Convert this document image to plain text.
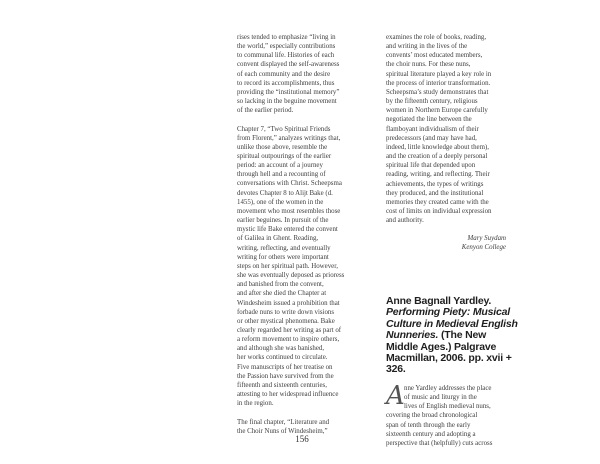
rises tended to emphasize “living in
the world,” especially contributions
to communal life. Histories of each
convent displayed the self-awareness
of each community and the desire
to record its accomplishments, thus
providing the “institutional memory”
so lacking in the beguine movement
of the earlier period.
Chapter 7, “Two Spiritual Friends
from Florent,” analyzes writings that,
unlike those above, resemble the
spiritual outpourings of the earlier
period: an account of a journey
through hell and a recounting of
conversations with Christ. Scheepsma
devotes Chapter 8 to Alijt Bake (d.
1455), one of the women in the
movement who most resembles those
earlier beguines. In pursuit of the
mystic life Bake entered the convent
of Galilea in Ghent. Reading,
writing, reflecting, and eventually
writing for others were important
steps on her spiritual path. However,
she was eventually deposed as prioress
and banished from the convent,
and after she died the Chapter at
Windesheim issued a prohibition that
forbade nuns to write down visions
or other mystical phenomena. Bake
clearly regarded her writing as part of
a reform movement to inspire others,
and although she was banished,
her works continued to circulate.
Five manuscripts of her treatise on
the Passion have survived from the
fifteenth and sixteenth centuries,
attesting to her widespread influence
in the region.
The final chapter, “Literature and
the Choir Nuns of Windesheim,”
examines the role of books, reading,
and writing in the lives of the
convents’ most educated members,
the choir nuns. For these nuns,
spiritual literature played a key role in
the process of interior transformation.
Scheepsma’s study demonstrates that
by the fifteenth century, religious
women in Northern Europe carefully
negotiated the line between the
flamboyant individualism of their
predecessors (and may have had,
indeed, little knowledge about them),
and the creation of a deeply personal
spiritual life that depended upon
reading, writing, and reflecting. Their
achievements, the types of writings
they produced, and the institutional
memories they created came with the
cost of limits on individual expression
and authority.
Mary Suydam
Kenyon College
Anne Bagnall Yardley.
Performing Piety: Musical
Culture in Medieval English
Nunneries. (The New
Middle Ages.) Palgrave
Macmillan, 2006. pp. xvii +
326.
A nne Yardley addresses the place
of music and liturgy in the
lives of English medieval nuns,
covering the broad chronological
span of tenth through the early
sixteenth century and adopting a
perspective that (helpfully) cuts across
156
